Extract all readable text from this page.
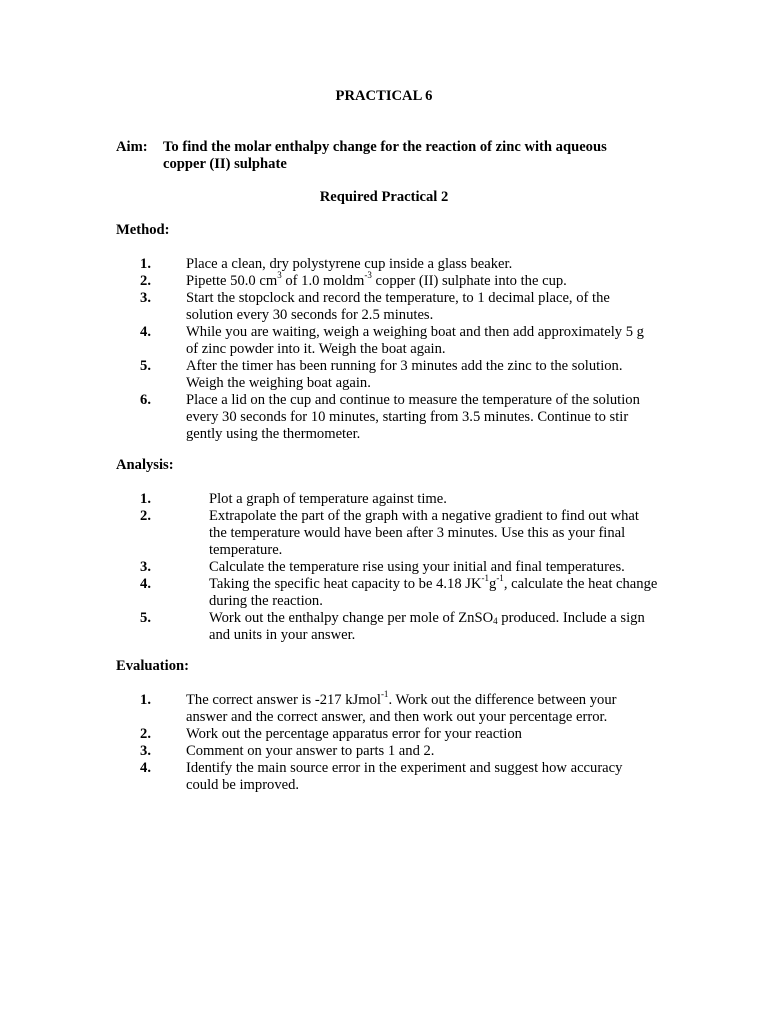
PRACTICAL 6
Aim: To find the molar enthalpy change for the reaction of zinc with aqueous
copper (II) sulphate
Required Practical 2
Method:
1. Place a clean, dry polystyrene cup inside a glass beaker.
2. Pipette 50.0 $cm^3$ of 1.0 moldm$^{-3}$ copper (II) sulphate into the cup.
3. Start the stopclock and record the temperature, to 1 decimal place, of the solution every 30 seconds for 2.5 minutes.
4. While you are waiting, weigh a weighing boat and then add approximately 5 g of zinc powder into it. Weigh the boat again.
5. After the timer has been running for 3 minutes add the zinc to the solution. Weigh the weighing boat again.
6. Place a lid on the cup and continue to measure the temperature of the solution every 30 seconds for 10 minutes, starting from 3.5 minutes. Continue to stir gently using the thermometer.
Analysis:
1.	Plot a graph of temperature against time.
2.	Extrapolate the part of the graph with a negative gradient to find out what the temperature would have been after 3 minutes. Use this as your final temperature.
3.	Calculate the temperature rise using your initial and final temperatures.
4.	Taking the specific heat capacity to be 4.18 $JK^{-1}g^{-1}$, calculate the heat change during the reaction.
5.	Work out the enthalpy change per mole of ZnSO$_4$ produced. Include a sign and units in your answer.
Evaluation:
1. The correct answer is -217 kJmol$^{-1}$. Work out the difference between your answer and the correct answer, and then work out your percentage error.
2. Work out the percentage apparatus error for your reaction
3. Comment on your answer to parts 1 and 2.
4. Identify the main source error in the experiment and suggest how accuracy could be improved.
